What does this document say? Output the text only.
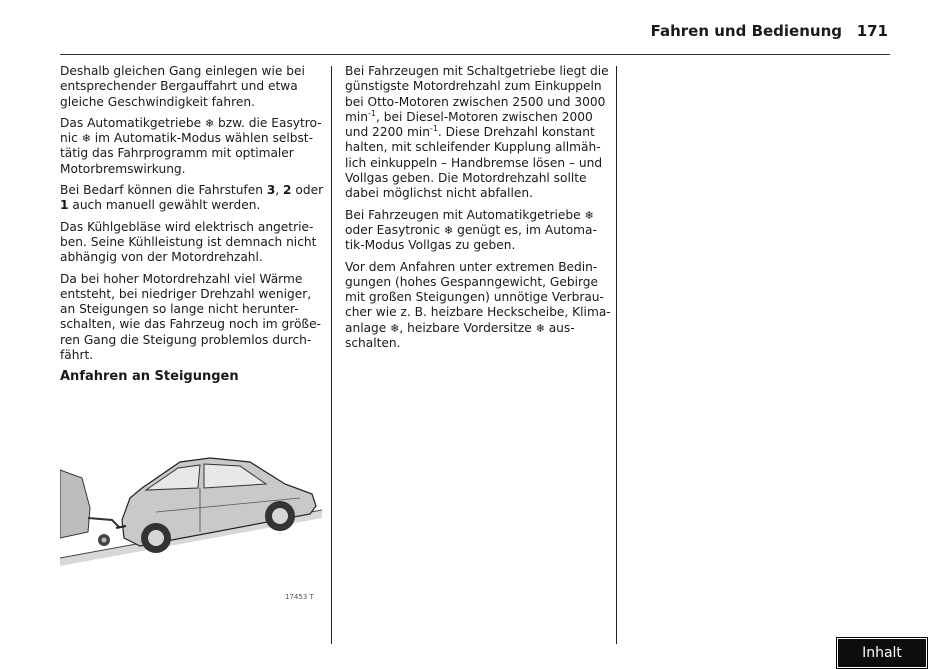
Fahren und Bedienung 171

Deshalb gleichen Gang einlegen wie bei
entsprechender Bergauffahrt und etwa
gleiche Geschwindigkeit fahren.

Das Automatikgetriebe ❄ bzw. die Easytro-
nic ❄ im Automatik-Modus wählen selbst-
tätig das Fahrprogramm mit optimaler
Motorbremswirkung.

Bei Bedarf können die Fahrstufen 3, 2 oder
1 auch manuell gewählt werden.

Das Kühlgebläse wird elektrisch angetrie-
ben. Seine Kühlleistung ist demnach nicht
abhängig von der Motordrehzahl.

Da bei hoher Motordrehzahl viel Wärme
entsteht, bei niedriger Drehzahl weniger,
an Steigungen so lange nicht herunter-
schalten, wie das Fahrzeug noch im größe-
ren Gang die Steigung problemlos durch-
fährt.

Anfahren an Steigungen

17453 T

Bei Fahrzeugen mit Schaltgetriebe liegt die
günstigste Motordrehzahl zum Einkuppeln
bei Otto-Motoren zwischen 2500 und 3000
$\min^{-1}$, bei Diesel-Motoren zwischen 2000
und 2200 $\min^{-1}$. Diese Drehzahl konstant
halten, mit schleifender Kupplung allmäh-
lich einkuppeln – Handbremse lösen – und
Vollgas geben. Die Motordrehzahl sollte
dabei möglichst nicht abfallen.

Bei Fahrzeugen mit Automatikgetriebe ❄
oder Easytronic ❄ genügt es, im Automa-
tik-Modus Vollgas zu geben.

Vor dem Anfahren unter extremen Bedin-
gungen (hohes Gespanngewicht, Gebirge
mit großen Steigungen) unnötige Verbrau-
cher wie z. B. heizbare Heckscheibe, Klima-
anlage ❄, heizbare Vordersitze ❄ aus-
schalten.

Inhalt
